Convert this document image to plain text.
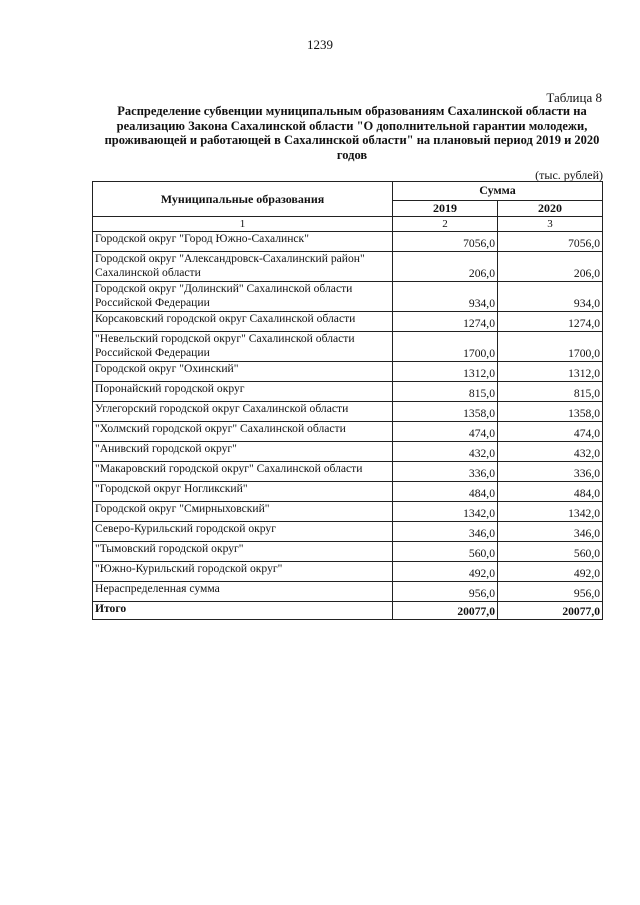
1239
Таблица 8
Распределение субвенции муниципальным образованиям Сахалинской области на реализацию Закона Сахалинской области "О дополнительной гарантии молодежи, проживающей и работающей в Сахалинской области" на плановый период 2019 и 2020 годов
(тыс. рублей)
Муниципальные образования	Сумма	
	2019	2020
1	2	3
Городской округ "Город Южно-Сахалинск"	7056,0	7056,0
Городской округ "Александровск-Сахалинский район" Сахалинской области	206,0	206,0
Городской округ "Долинский" Сахалинской области Российской Федерации	934,0	934,0
Корсаковский городской округ Сахалинской области	1274,0	1274,0
"Невельский городской округ" Сахалинской области Российской Федерации	1700,0	1700,0
Городской округ "Охинский"	1312,0	1312,0
Поронайский городской округ	815,0	815,0
Углегорский городской округ Сахалинской области	1358,0	1358,0
"Холмский городской округ" Сахалинской области	474,0	474,0
"Анивский городской округ"	432,0	432,0
"Макаровский городской округ" Сахалинской области	336,0	336,0
"Городской округ Ногликский"	484,0	484,0
Городской округ "Смирныховский"	1342,0	1342,0
Северо-Курильский городской округ	346,0	346,0
"Тымовский городской округ"	560,0	560,0
"Южно-Курильский городской округ"	492,0	492,0
Нераспределенная сумма	956,0	956,0
Итого	20077,0	20077,0
